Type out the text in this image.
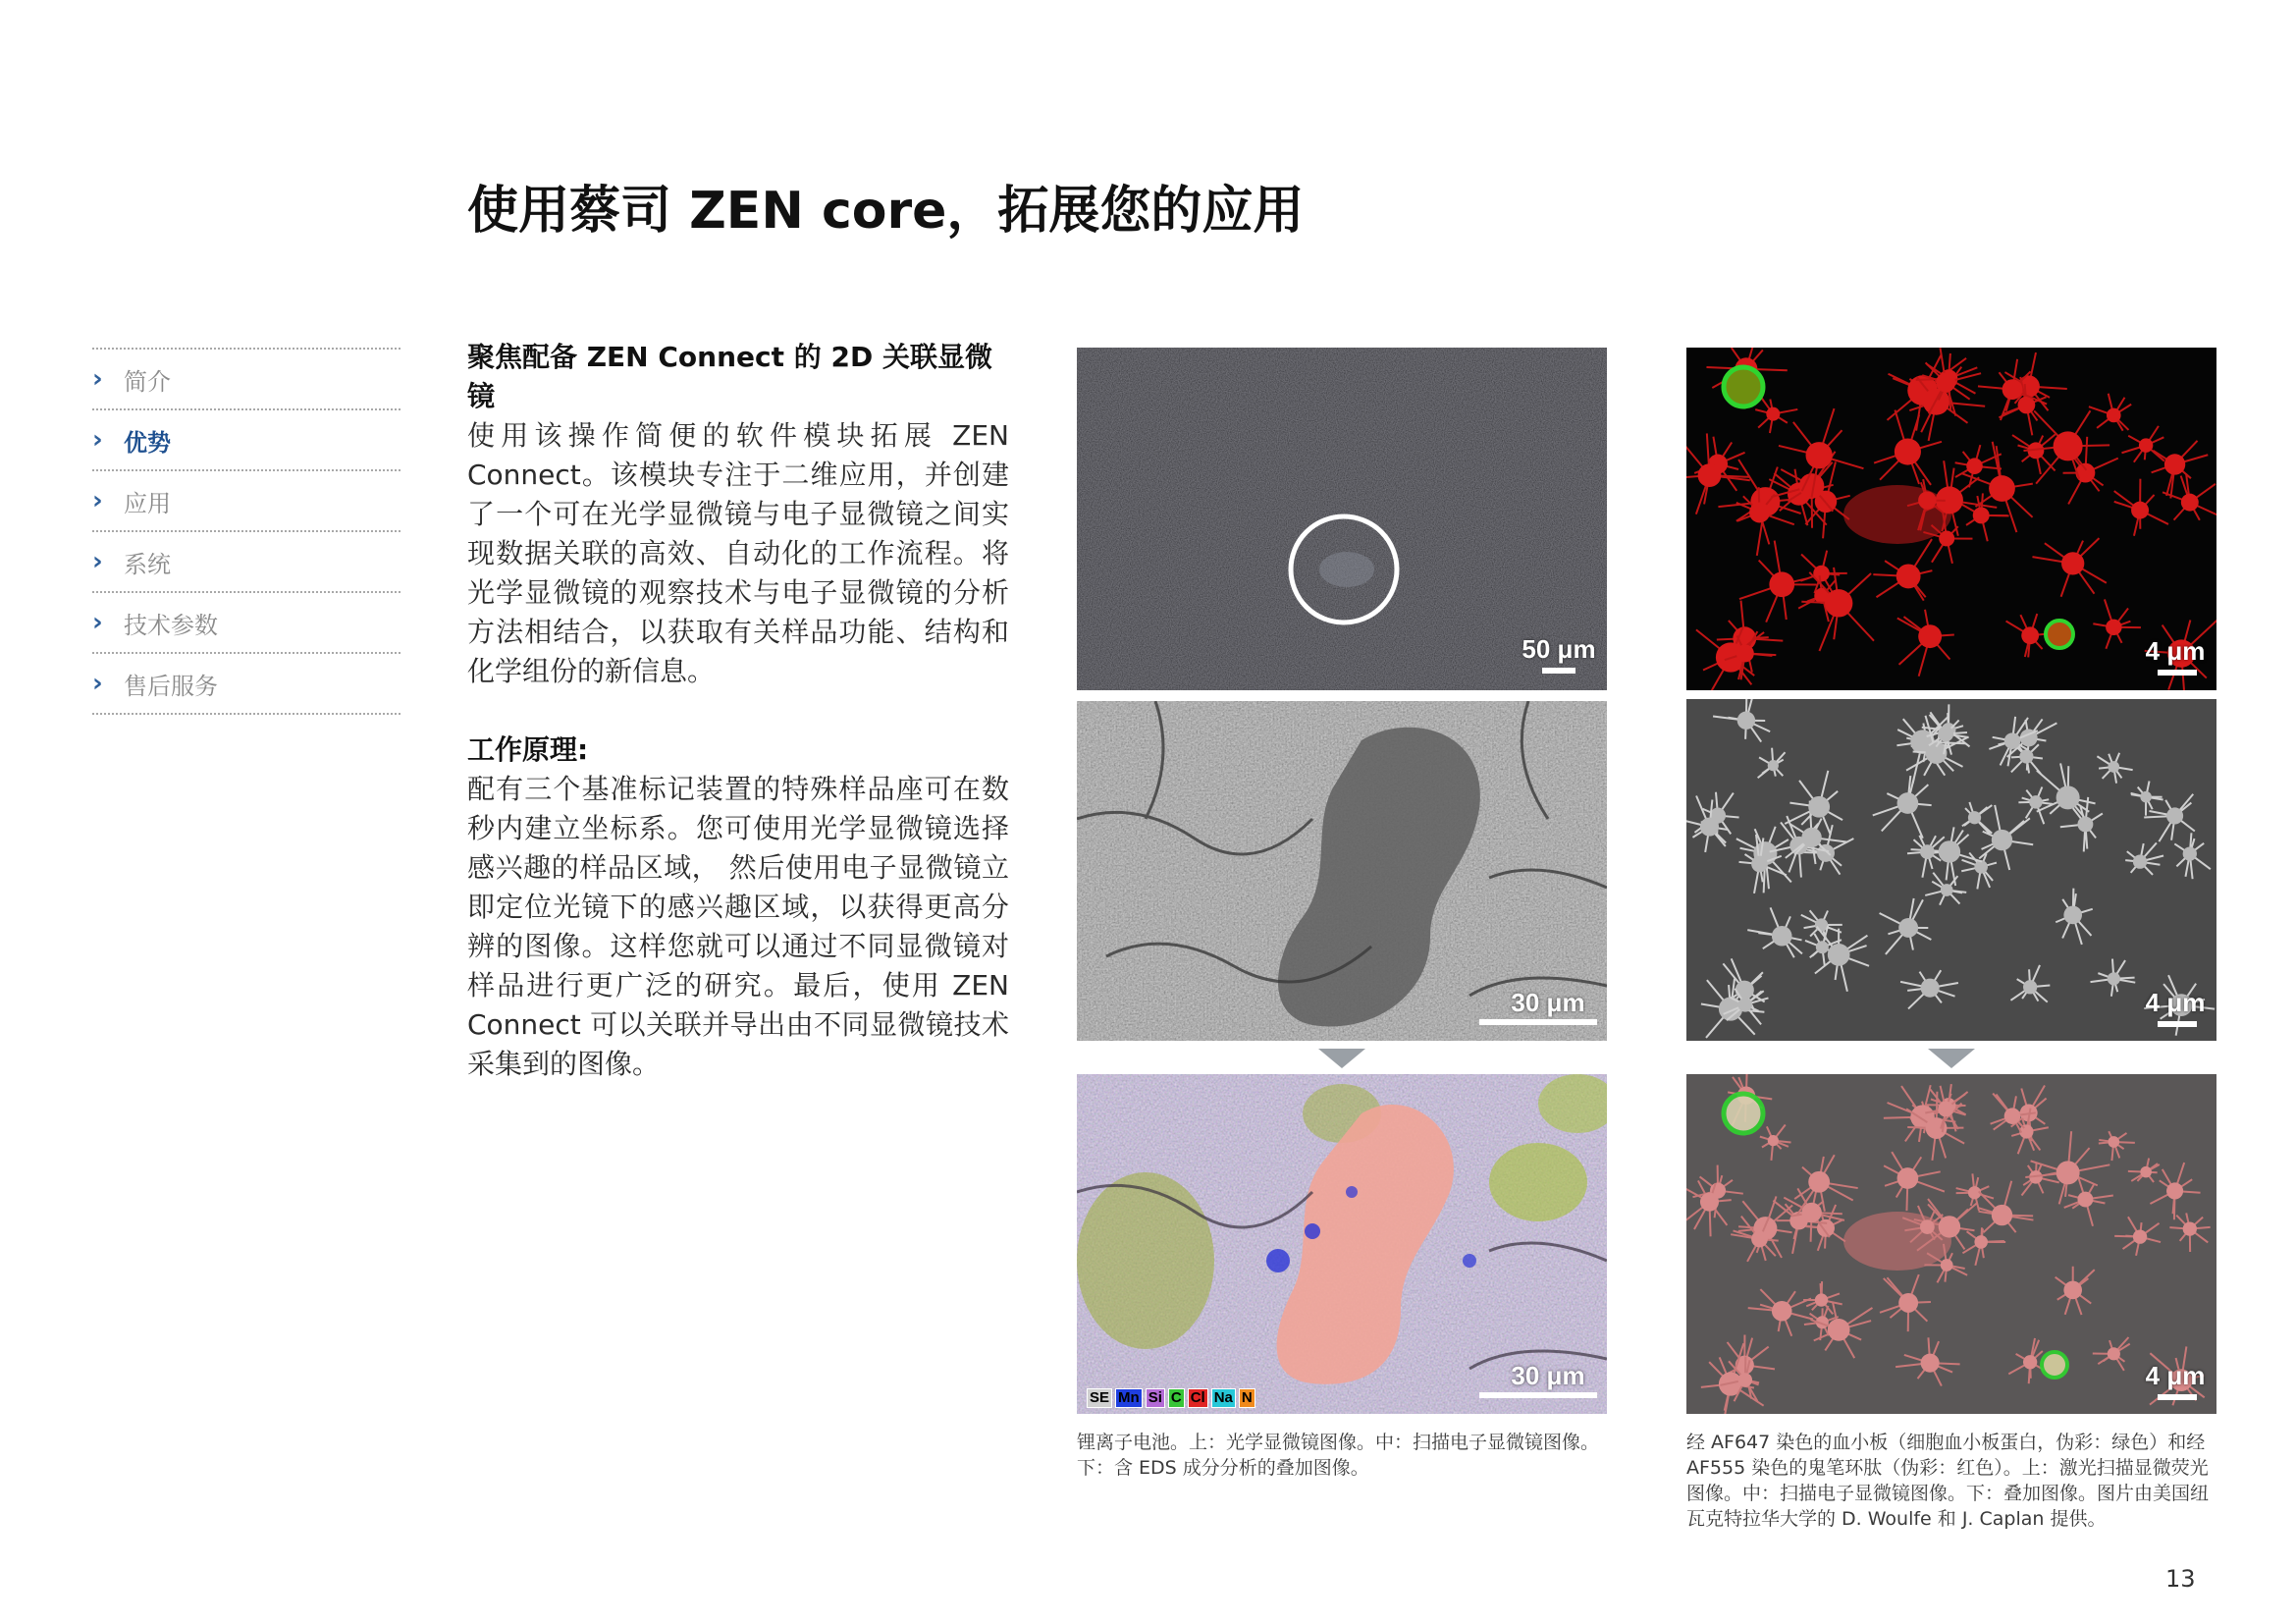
使用蔡司 ZEN core，拓展您的应用
› 简介
› 优势
› 应用
› 系统
› 技术参数
› 售后服务
聚焦配备 ZEN Connect 的 2D 关联显微镜

使用该操作简便的软件模块拓展 ZEN Connect。该模块专注于二维应用，并创建了一个可在光学显微镜与电子显微镜之间实现数据关联的高效、自动化的工作流程。将光学显微镜的观察技术与电子显微镜的分析方法相结合，以获取有关样品功能、结构和化学组份的新信息。

工作原理:

配有三个基准标记装置的特殊样品座可在数秒内建立坐标系。您可使用光学显微镜选择感兴趣的样品区域， 然后使用电子显微镜立即定位光镜下的感兴趣区域，以获得更高分辨的图像。这样您就可以通过不同显微镜对样品进行更广泛的研究。最后，使用 ZEN Connect 可以关联并导出由不同显微镜技术采集到的图像。

50 μm
30 μm
SE Mn Si C Cl Na N
30 μm
锂离子电池。上：光学显微镜图像。中：扫描电子显微镜图像。下：含 EDS 成分分析的叠加图像。
4 μm
4 μm
4 μm
经 AF647 染色的血小板（细胞血小板蛋白，伪彩：绿色）和经 AF555 染色的鬼笔环肽（伪彩：红色）。上：激光扫描显微荧光图像。中：扫描电子显微镜图像。下：叠加图像。图片由美国纽瓦克特拉华大学的 D. Woulfe 和 J. Caplan 提供。
13
